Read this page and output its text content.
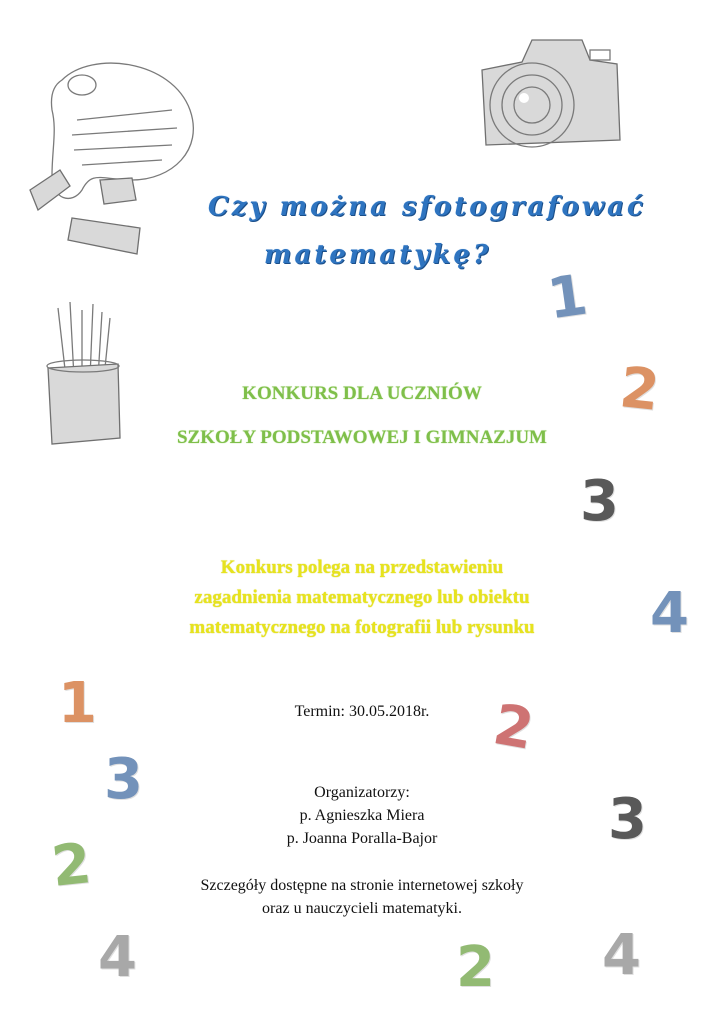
Czy można sfotografować
matematykę?
KONKURS DLA UCZNIÓW
SZKOŁY PODSTAWOWEJ I GIMNAZJUM
Konkurs polega na przedstawieniu
zagadnienia matematycznego lub obiektu
matematycznego na fotografii lub rysunku
Termin: 30.05.2018r.
Organizatorzy:
p. Agnieszka Miera
p. Joanna Poralla-Bajor
Szczegóły dostępne na stronie internetowej szkoły
oraz u nauczycieli matematyki.
1
2
3
4
1
3
2
3
2
4	2 4
